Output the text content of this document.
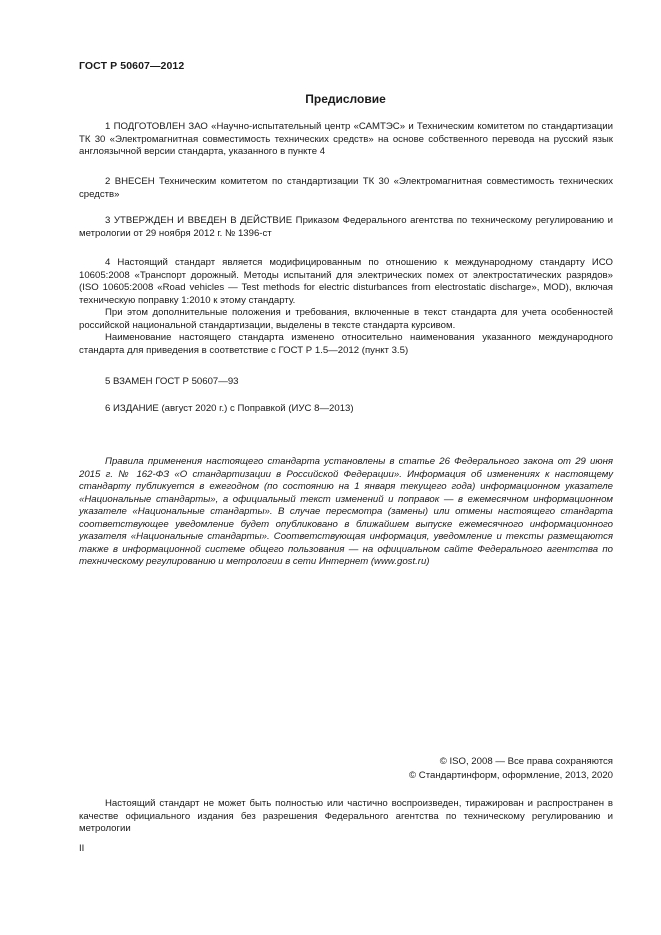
ГОСТ Р 50607—2012
Предисловие

1 ПОДГОТОВЛЕН ЗАО «Научно-испытательный центр «САМТЭС» и Техническим комитетом по стандартизации ТК 30 «Электромагнитная совместимость технических средств» на основе собственного перевода на русский язык англоязычной версии стандарта, указанного в пункте 4

2 ВНЕСЕН Техническим комитетом по стандартизации ТК 30 «Электромагнитная совместимость технических средств»

3 УТВЕРЖДЕН И ВВЕДЕН В ДЕЙСТВИЕ Приказом Федерального агентства по техническому регулированию и метрологии от 29 ноября 2012 г. № 1396-ст

4 Настоящий стандарт является модифицированным по отношению к международному стандарту ИСО 10605:2008 «Транспорт дорожный. Методы испытаний для электрических помех от электростатических разрядов» (ISO 10605:2008 «Road vehicles — Test methods for electric disturbances from electrostatic discharge», MOD), включая техническую поправку 1:2010 к этому стандарту.

При этом дополнительные положения и требования, включенные в текст стандарта для учета особенностей российской национальной стандартизации, выделены в тексте стандарта курсивом.

Наименование настоящего стандарта изменено относительно наименования указанного международного стандарта для приведения в соответствие с ГОСТ Р 1.5—2012 (пункт 3.5)

5 ВЗАМЕН ГОСТ Р 50607—93

6 ИЗДАНИЕ (август 2020 г.) с Поправкой (ИУС 8—2013)

Правила применения настоящего стандарта установлены в статье 26 Федерального закона от 29 июня 2015 г. № 162-ФЗ «О стандартизации в Российской Федерации». Информация об изменениях к настоящему стандарту публикуется в ежегодном (по состоянию на 1 января текущего года) информационном указателе «Национальные стандарты», а официальный текст изменений и поправок — в ежемесячном информационном указателе «Национальные стандарты». В случае пересмотра (замены) или отмены настоящего стандарта соответствующее уведомление будет опубликовано в ближайшем выпуске ежемесячного информационного указателя «Национальные стандарты». Соответствующая информация, уведомление и тексты размещаются также в информационной системе общего пользования — на официальном сайте Федерального агентства по техническому регулированию и метрологии в сети Интернет (www.gost.ru)

© ISO, 2008 — Все права сохраняются
© Стандартинформ, оформление, 2013, 2020

Настоящий стандарт не может быть полностью или частично воспроизведен, тиражирован и распространен в качестве официального издания без разрешения Федерального агентства по техническому регулированию и метрологии

II
